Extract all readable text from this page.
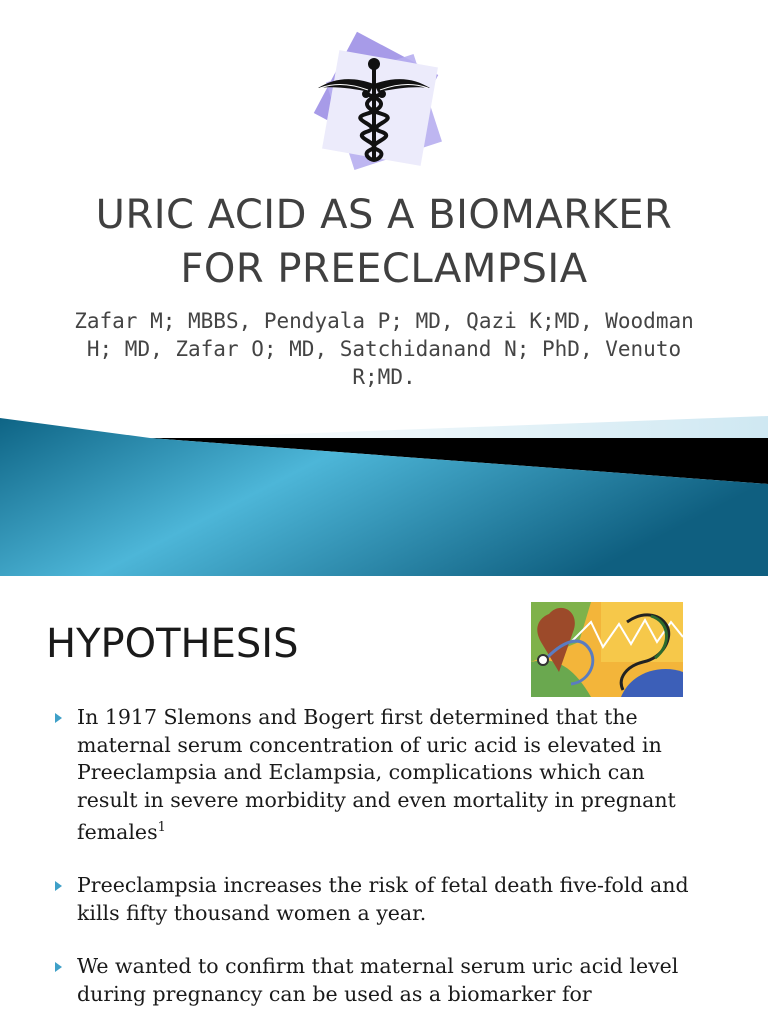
URIC ACID AS A BIOMARKER
FOR PREECLAMPSIA
Zafar M; MBBS, Pendyala P; MD, Qazi K;MD, Woodman
H; MD, Zafar O; MD, Satchidanand N; PhD, Venuto
R;MD.
HYPOTHESIS
In 1917 Slemons and Bogert first determined that the
maternal serum concentration of uric acid is elevated in
Preeclampsia and Eclampsia, complications which can
result in severe morbidity and even mortality in pregnant
females$^1$
Preeclampsia increases the risk of fetal death five-fold and
kills fifty thousand women a year.
We wanted to confirm that maternal serum uric acid level
during pregnancy can be used as a biomarker for
